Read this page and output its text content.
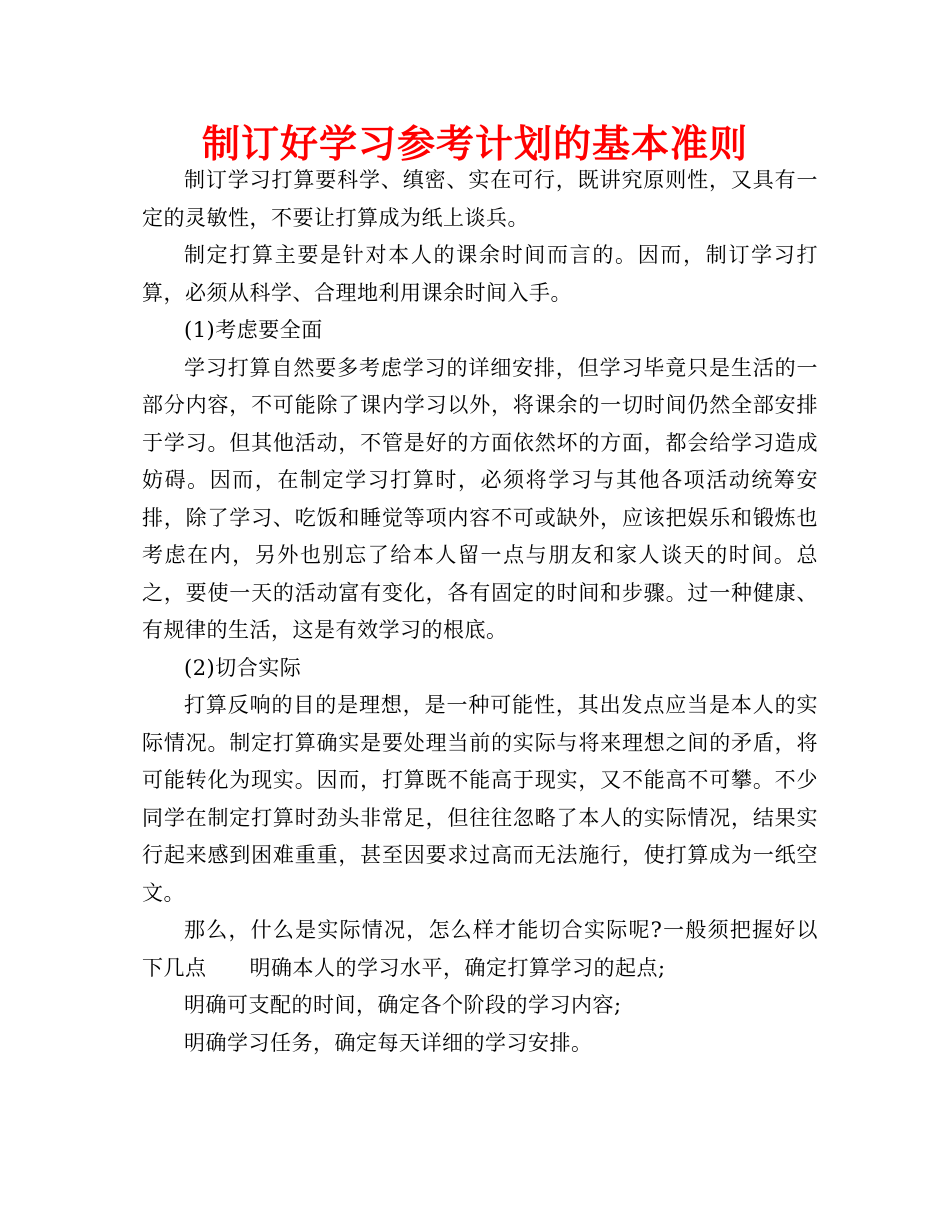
制订好学习参考计划的基本准则

制订学习打算要科学、缜密、实在可行，既讲究原则性，又具有一定的灵敏性，不要让打算成为纸上谈兵。

制定打算主要是针对本人的课余时间而言的。因而，制订学习打算，必须从科学、合理地利用课余时间入手。

(1)考虑要全面

学习打算自然要多考虑学习的详细安排，但学习毕竟只是生活的一部分内容，不可能除了课内学习以外，将课余的一切时间仍然全部安排于学习。但其他活动，不管是好的方面依然坏的方面，都会给学习造成妨碍。因而，在制定学习打算时，必须将学习与其他各项活动统筹安排，除了学习、吃饭和睡觉等项内容不可或缺外，应该把娱乐和锻炼也考虑在内，另外也别忘了给本人留一点与朋友和家人谈天的时间。总之，要使一天的活动富有变化，各有固定的时间和步骤。过一种健康、有规律的生活，这是有效学习的根底。

(2)切合实际

打算反响的目的是理想，是一种可能性，其出发点应当是本人的实际情况。制定打算确实是要处理当前的实际与将来理想之间的矛盾，将可能转化为现实。因而，打算既不能高于现实，又不能高不可攀。不少同学在制定打算时劲头非常足，但往往忽略了本人的实际情况，结果实行起来感到困难重重，甚至因要求过高而无法施行，使打算成为一纸空文。

那么，什么是实际情况，怎么样才能切合实际呢?一般须把握好以下几点　　明确本人的学习水平，确定打算学习的起点;

明确可支配的时间，确定各个阶段的学习内容;

明确学习任务，确定每天详细的学习安排。
